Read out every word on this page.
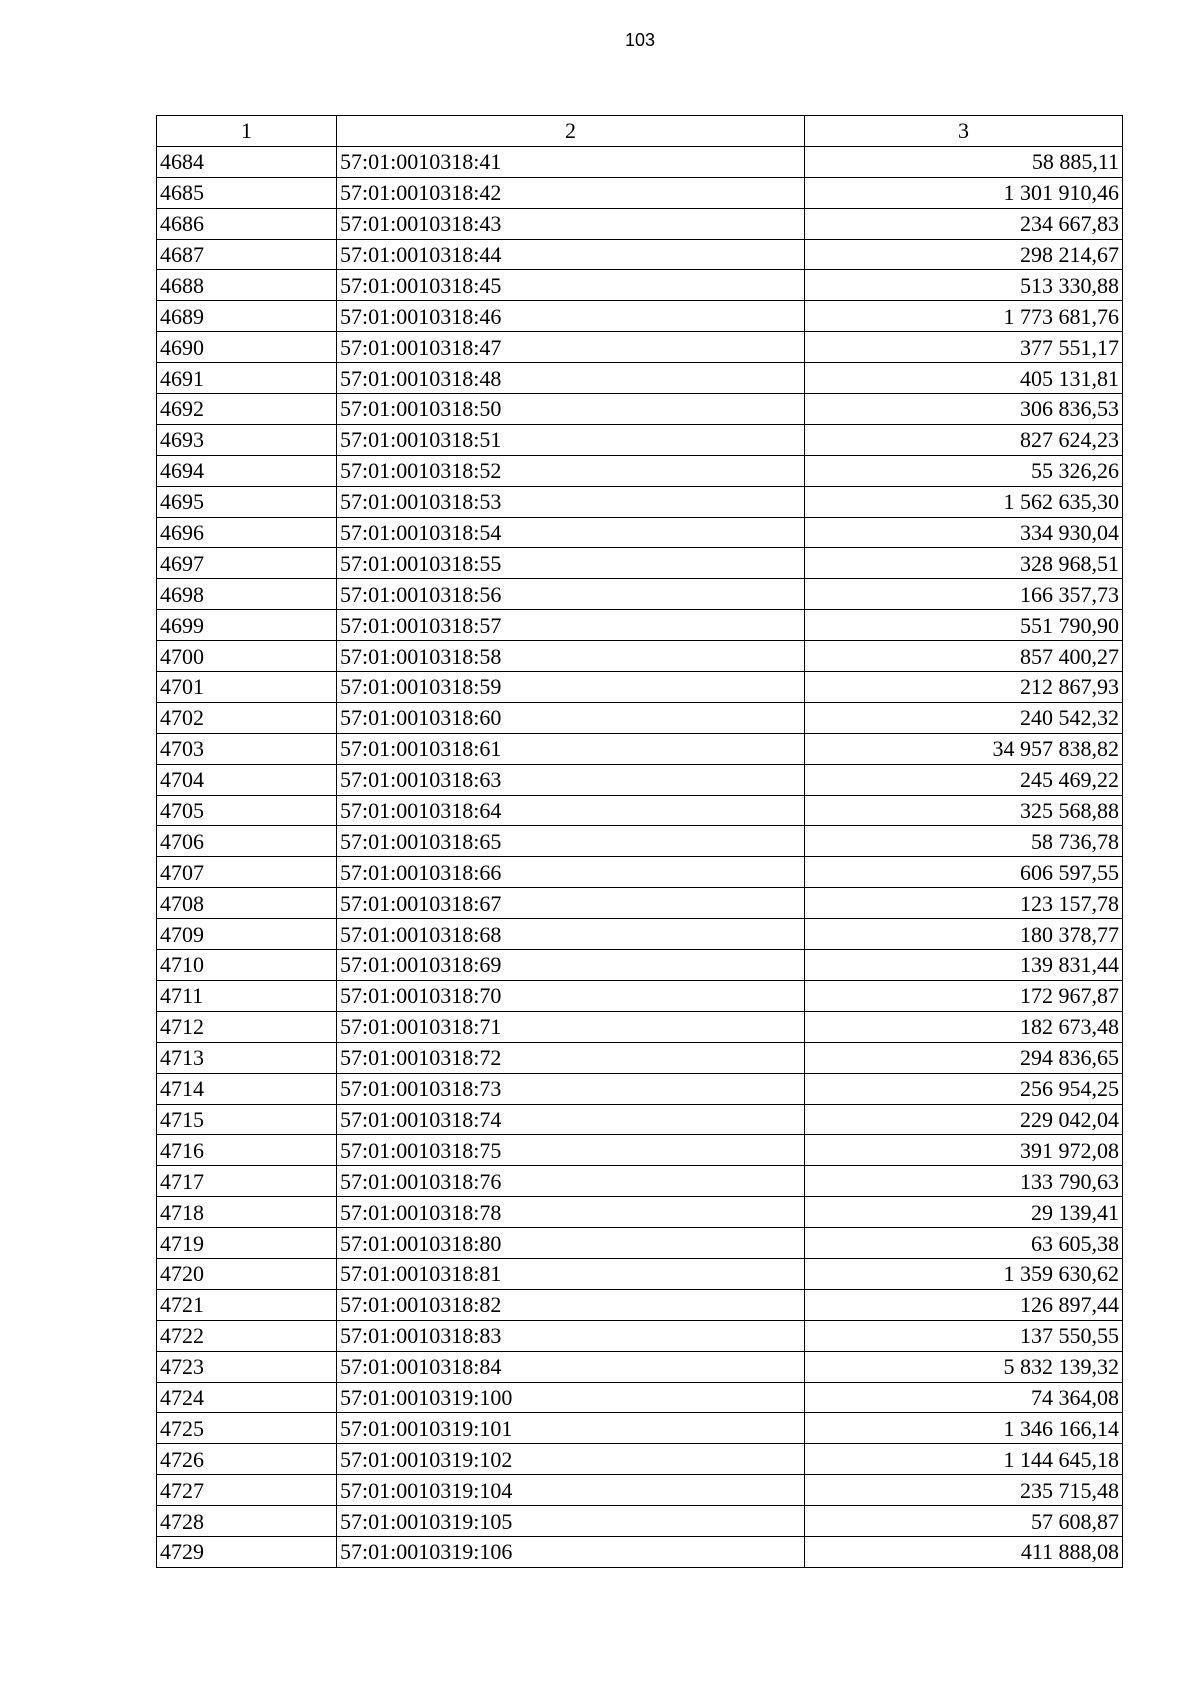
103
1	2	3
4684	57:01:0010318:41	58 885,11
4685	57:01:0010318:42	1 301 910,46
4686	57:01:0010318:43	234 667,83
4687	57:01:0010318:44	298 214,67
4688	57:01:0010318:45	513 330,88
4689	57:01:0010318:46	1 773 681,76
4690	57:01:0010318:47	377 551,17
4691	57:01:0010318:48	405 131,81
4692	57:01:0010318:50	306 836,53
4693	57:01:0010318:51	827 624,23
4694	57:01:0010318:52	55 326,26
4695	57:01:0010318:53	1 562 635,30
4696	57:01:0010318:54	334 930,04
4697	57:01:0010318:55	328 968,51
4698	57:01:0010318:56	166 357,73
4699	57:01:0010318:57	551 790,90
4700	57:01:0010318:58	857 400,27
4701	57:01:0010318:59	212 867,93
4702	57:01:0010318:60	240 542,32
4703	57:01:0010318:61	34 957 838,82
4704	57:01:0010318:63	245 469,22
4705	57:01:0010318:64	325 568,88
4706	57:01:0010318:65	58 736,78
4707	57:01:0010318:66	606 597,55
4708	57:01:0010318:67	123 157,78
4709	57:01:0010318:68	180 378,77
4710	57:01:0010318:69	139 831,44
4711	57:01:0010318:70	172 967,87
4712	57:01:0010318:71	182 673,48
4713	57:01:0010318:72	294 836,65
4714	57:01:0010318:73	256 954,25
4715	57:01:0010318:74	229 042,04
4716	57:01:0010318:75	391 972,08
4717	57:01:0010318:76	133 790,63
4718	57:01:0010318:78	29 139,41
4719	57:01:0010318:80	63 605,38
4720	57:01:0010318:81	1 359 630,62
4721	57:01:0010318:82	126 897,44
4722	57:01:0010318:83	137 550,55
4723	57:01:0010318:84	5 832 139,32
4724	57:01:0010319:100	74 364,08
4725	57:01:0010319:101	1 346 166,14
4726	57:01:0010319:102	1 144 645,18
4727	57:01:0010319:104	235 715,48
4728	57:01:0010319:105	57 608,87
4729	57:01:0010319:106	411 888,08
